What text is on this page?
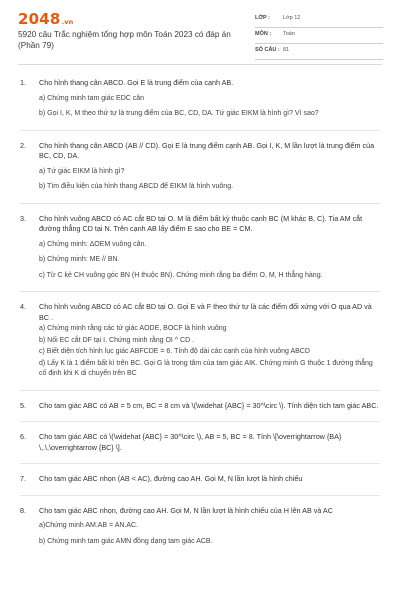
2048.vn
5920 câu Trắc nghiệm tổng hợp môn Toán 2023 có đáp án (Phần 79)
LỚP : Lớp 12
MÔN : Toán
SỐ CÂU : 81
1. Cho hình thang cân ABCD. Gọi E là trung điểm của cạnh AB.
a) Chứng minh tam giác EDC cân
b) Gọi I, K, M theo thứ tự là trung điểm của BC, CD, DA. Tứ giác EIKM là hình gì? Vì sao?
2. Cho hình thang cân ABCD (AB // CD). Gọi E là trung điểm cạnh AB. Gọi I, K, M lần lượt là trung điểm của BC, CD, DA.
a) Tứ giác EIKM là hình gì?
b) Tìm điều kiện của hình thang ABCD để EIKM là hình vuông.
3. Cho hình vuông ABCD có AC cắt BD tại O. M là điểm bất kỳ thuộc cạnh BC (M khác B, C). Tia AM cắt đường thẳng CD tại N. Trên cạnh AB lấy điểm E sao cho BE = CM.
a) Chứng minh: ΔOEM vuông cân.
b) Chứng minh: ME // BN.
c) Từ C kẻ CH vuông góc BN (H thuộc BN). Chứng minh rằng ba điểm O, M, H thẳng hàng.
4. Cho hình vuông ABCD có AC cắt BD tại O. Gọi E và F theo thứ tự là các điểm đối xứng với O qua AD và BC .
a) Chứng minh rằng các tứ giác AODE, BOCF là hình vuông
b) Nối EC cắt DF tại I. Chứng minh rằng OI ^ CD .
c) Biết diện tích hình lục giác ABFCDE = 6. Tính độ dài các cạnh của hình vuông ABCD
d) Lấy K là 1 điểm bất kì trên BC. Gọi G là trọng tâm của tam giác AIK. Chứng minh G thuộc 1 đường thẳng cố định khi K di chuyển trên BC
5. Cho tam giác ABC có AB = 5 cm, BC = 8 cm và \(\widehat {ABC} = 30^\circ \). Tính diện tích tam giác ABC.
6. Cho tam giác ABC có \(\widehat {ABC} = 30^\circ \), AB = 5, BC = 8. Tính \[\overrightarrow {BA} \,.\,\overrightarrow {BC} \].
7. Cho tam giác ABC nhọn (AB < AC), đường cao AH. Gọi M, N lần lượt là hình chiếu
8. Cho tam giác ABC nhọn, đường cao AH. Gọi M, N lần lượt là hình chiếu của H lên AB và AC
a)Chứng minh AM.AB = AN.AC.
b) Chứng minh tam giác AMN đồng dạng tam giác ACB.
